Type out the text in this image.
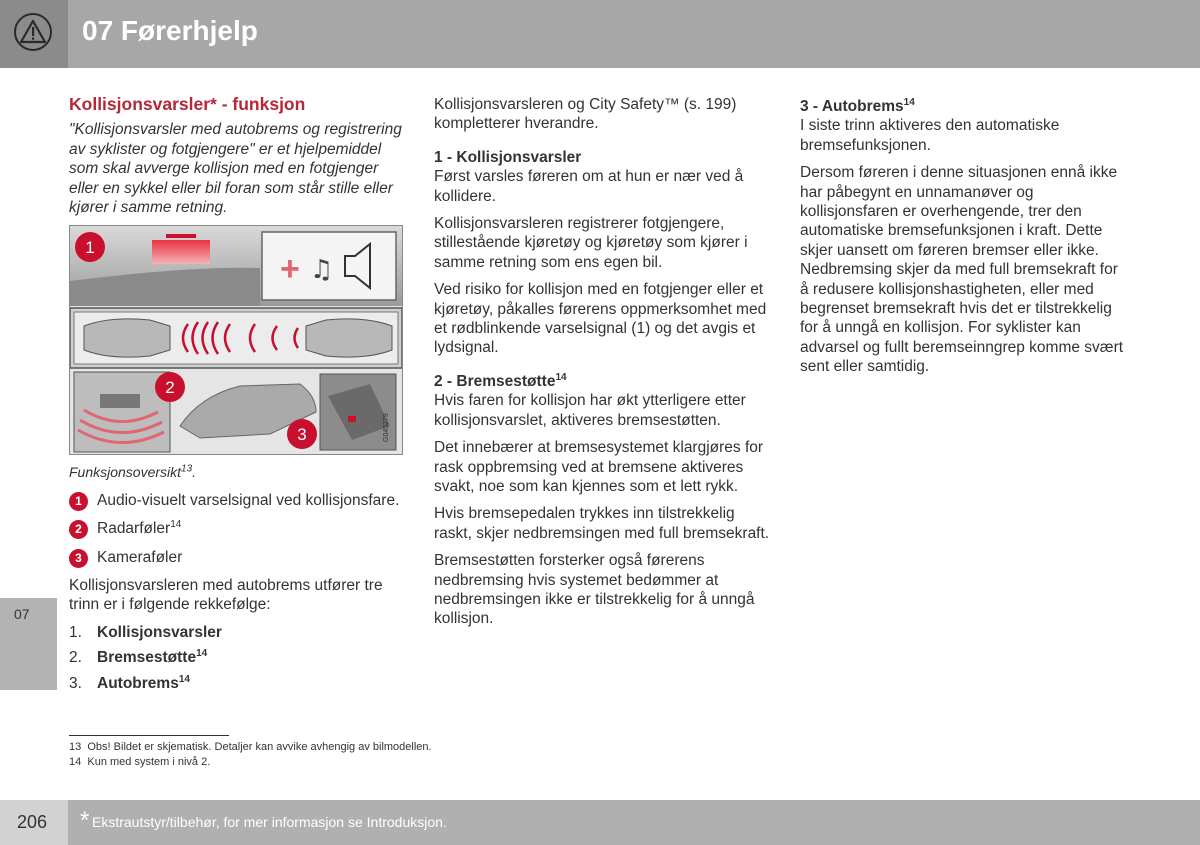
07 Førerhjelp
07
Kollisjonsvarsler* - funksjon

"Kollisjonsvarsler med autobrems og registrering av syklister og fotgjengere" er et hjelpemiddel som skal avverge kollisjon med en fotgjenger eller en sykkel eller bil foran som står stille eller kjører i samme retning.

+ ♫
G045279
1
2
3

Funksjonsoversikt$^{13}$.

1 Audio-visuelt varselsignal ved kollisjonsfare.
2 Radarføler$^{14}$
3 Kameraføler

Kollisjonsvarsleren med autobrems utfører tre trinn er i følgende rekkefølge:

1. Kollisjonsvarsler
2. Bremsestøtte$^{14}$
3. Autobrems$^{14}$

Kollisjonsvarsleren og City Safety™ (s. 199) kompletterer hverandre.

1 - Kollisjonsvarsler

Først varsles føreren om at hun er nær ved å kollidere.

Kollisjonsvarsleren registrerer fotgjengere, stillestående kjøretøy og kjøretøy som kjører i samme retning som ens egen bil.

Ved risiko for kollisjon med en fotgjenger eller et kjøretøy, påkalles førerens oppmerksomhet med et rødblinkende varselsignal (1) og det avgis et lydsignal.

2 - Bremsestøtte$^{14}$

Hvis faren for kollisjon har økt ytterligere etter kollisjonsvarslet, aktiveres bremsestøtten.

Det innebærer at bremsesystemet klargjøres for rask oppbremsing ved at bremsene aktiveres svakt, noe som kan kjennes som et lett rykk.

Hvis bremsepedalen trykkes inn tilstrekkelig raskt, skjer nedbremsingen med full bremsekraft.

Bremsestøtten forsterker også førerens nedbremsing hvis systemet bedømmer at nedbremsingen ikke er tilstrekkelig for å unngå kollisjon.

3 - Autobrems$^{14}$

I siste trinn aktiveres den automatiske bremsefunksjonen.

Dersom føreren i denne situasjonen ennå ikke har påbegynt en unnamanøver og kollisjonsfaren er overhengende, trer den automatiske bremsefunksjonen i kraft. Dette skjer uansett om føreren bremser eller ikke. Nedbremsing skjer da med full bremsekraft for å redusere kollisjonshastigheten, eller med begrenset bremsekraft hvis det er tilstrekkelig for å unngå en kollisjon. For syklister kan advarsel og fullt beremseinngrep komme svært sent eller samtidig.

13 Obs! Bildet er skjematisk. Detaljer kan avvike avhengig av bilmodellen.
14 Kun med system i nivå 2.
206 * Ekstrautstyr/tilbehør, for mer informasjon se Introduksjon.
